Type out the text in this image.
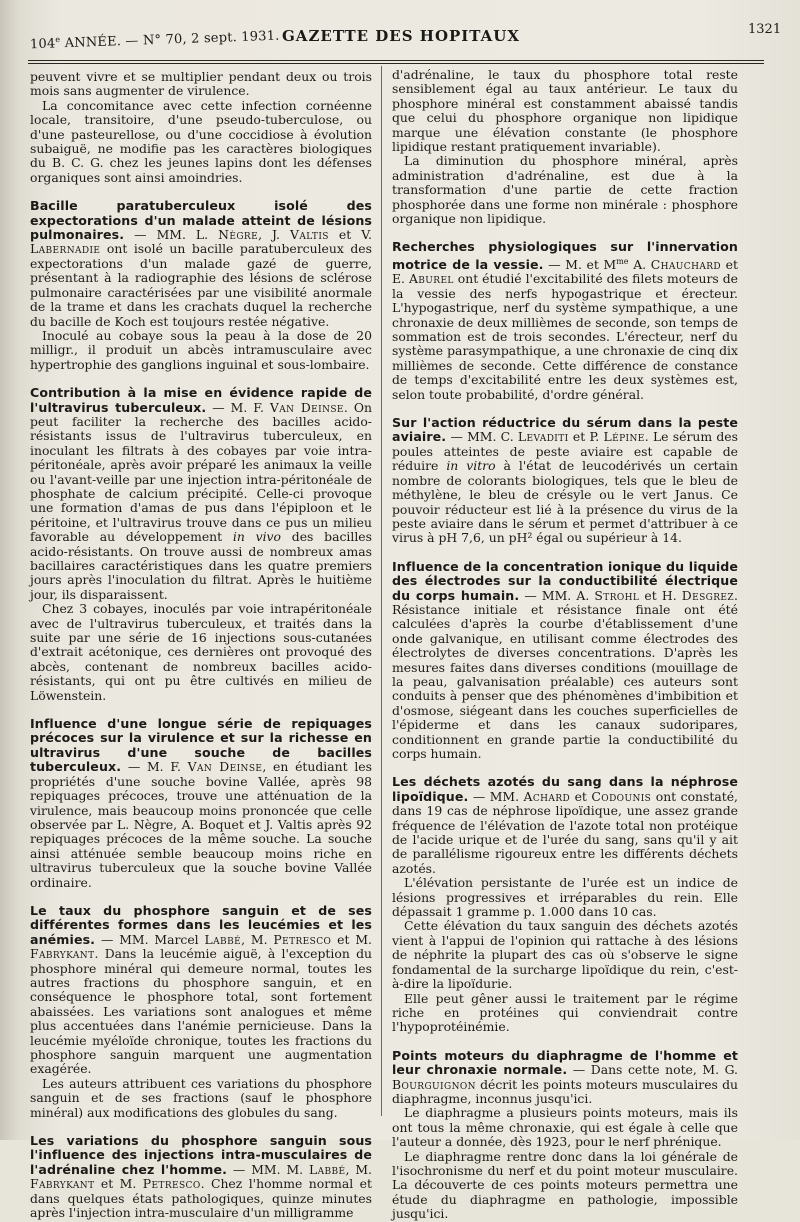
104e ANNÉE. — N° 70, 2 sept. 1931. GAZETTE DES HOPITAUX	1321

peuvent vivre et se multiplier pendant deux ou trois mois sans augmenter de virulence.

La concomitance avec cette infection cornéenne locale, transitoire, d'une pseudo-tuberculose, ou d'une pasteurellose, ou d'une coccidiose à évolution subaiguë, ne modifie pas les caractères biologiques du B. C. G. chez les jeunes lapins dont les défenses organiques sont ainsi amoindries.

Bacille paratuberculeux isolé des expectorations d'un malade atteint de lésions pulmonaires. — MM. L. Nègre, J. Valtis et V. Labernadie ont isolé un bacille paratuberculeux des expectorations d'un malade gazé de guerre, présentant à la radiographie des lésions de sclérose pulmonaire caractérisées par une visibilité anormale de la trame et dans les crachats duquel la recherche du bacille de Koch est toujours restée négative.

Inoculé au cobaye sous la peau à la dose de 20 milligr., il produit un abcès intramusculaire avec hypertrophie des ganglions inguinal et sous-lombaire.

Contribution à la mise en évidence rapide de l'ultravirus tuberculeux. — M. F. Van Deinse. On peut faciliter la recherche des bacilles acido-résistants issus de l'ultravirus tuberculeux, en inoculant les filtrats à des cobayes par voie intra-péritonéale, après avoir préparé les animaux la veille ou l'avant-veille par une injection intra-péritonéale de phosphate de calcium précipité. Celle-ci provoque une formation d'amas de pus dans l'épiploon et le péritoine, et l'ultravirus trouve dans ce pus un milieu favorable au développement in vivo des bacilles acido-résistants. On trouve aussi de nombreux amas bacillaires caractéristiques dans les quatre premiers jours après l'inoculation du filtrat. Après le huitième jour, ils disparaissent.

Chez 3 cobayes, inoculés par voie intrapéritonéale avec de l'ultravirus tuberculeux, et traités dans la suite par une série de 16 injections sous-cutanées d'extrait acétonique, ces dernières ont provoqué des abcès, contenant de nombreux bacilles acido-résistants, qui ont pu être cultivés en milieu de Löwenstein.

Influence d'une longue série de repiquages précoces sur la virulence et sur la richesse en ultravirus d'une souche de bacilles tuberculeux. — M. F. Van Deinse, en étudiant les propriétés d'une souche bovine Vallée, après 98 repiquages précoces, trouve une atténuation de la virulence, mais beaucoup moins prononcée que celle observée par L. Nègre, A. Boquet et J. Valtis après 92 repiquages précoces de la même souche. La souche ainsi atténuée semble beaucoup moins riche en ultravirus tuberculeux que la souche bovine Vallée ordinaire.

Le taux du phosphore sanguin et de ses différentes formes dans les leucémies et les anémies. — MM. Marcel Labbé, M. Petresco et M. Fabrykant. Dans la leucémie aiguë, à l'exception du phosphore minéral qui demeure normal, toutes les autres fractions du phosphore sanguin, et en conséquence le phosphore total, sont fortement abaissées. Les variations sont analogues et même plus accentuées dans l'anémie pernicieuse. Dans la leucémie myéloïde chronique, toutes les fractions du phosphore sanguin marquent une augmentation exagérée.

Les auteurs attribuent ces variations du phosphore sanguin et de ses fractions (sauf le phosphore minéral) aux modifications des globules du sang.

Les variations du phosphore sanguin sous l'influence des injections intra-musculaires de l'adrénaline chez l'homme. — MM. M. Labbé, M. Fabrykant et M. Petresco. Chez l'homme normal et dans quelques états pathologiques, quinze minutes après l'injection intra-musculaire d'un milligramme

d'adrénaline, le taux du phosphore total reste sensiblement égal au taux antérieur. Le taux du phosphore minéral est constamment abaissé tandis que celui du phosphore organique non lipidique marque une élévation constante (le phosphore lipidique restant pratiquement invariable).

La diminution du phosphore minéral, après administration d'adrénaline, est due à la transformation d'une partie de cette fraction phosphorée dans une forme non minérale : phosphore organique non lipidique.

Recherches physiologiques sur l'innervation motrice de la vessie. — M. et $M^{me}$ A. Chauchard et E. Aburel ont étudié l'excitabilité des filets moteurs de la vessie des nerfs hypogastrique et érecteur. L'hypogastrique, nerf du système sympathique, a une chronaxie de deux millièmes de seconde, son temps de sommation est de trois secondes. L'érecteur, nerf du système parasympathique, a une chronaxie de cinq dix millièmes de seconde. Cette différence de constance de temps d'excitabilité entre les deux systèmes est, selon toute probabilité, d'ordre général.

Sur l'action réductrice du sérum dans la peste aviaire. — MM. C. Levaditi et P. Lépine. Le sérum des poules atteintes de peste aviaire est capable de réduire in vitro à l'état de leucodérivés un certain nombre de colorants biologiques, tels que le bleu de méthylène, le bleu de crésyle ou le vert Janus. Ce pouvoir réducteur est lié à la présence du virus de la peste aviaire dans le sérum et permet d'attribuer à ce virus à pH 7,6, un pH² égal ou supérieur à 14.

Influence de la concentration ionique du liquide des électrodes sur la conductibilité électrique du corps humain. — MM. A. Strohl et H. Desgrez. Résistance initiale et résistance finale ont été calculées d'après la courbe d'établissement d'une onde galvanique, en utilisant comme électrodes des électrolytes de diverses concentrations. D'après les mesures faites dans diverses conditions (mouillage de la peau, galvanisation préalable) ces auteurs sont conduits à penser que des phénomènes d'imbibition et d'osmose, siégeant dans les couches superficielles de l'épiderme et dans les canaux sudoripares, conditionnent en grande partie la conductibilité du corps humain.

Les déchets azotés du sang dans la néphrose lipoïdique. — MM. Achard et Codounis ont constaté, dans 19 cas de néphrose lipoïdique, une assez grande fréquence de l'élévation de l'azote total non protéique de l'acide urique et de l'urée du sang, sans qu'il y ait de parallélisme rigoureux entre les différents déchets azotés.

L'élévation persistante de l'urée est un indice de lésions progressives et irréparables du rein. Elle dépassait 1 gramme p. 1.000 dans 10 cas.

Cette élévation du taux sanguin des déchets azotés vient à l'appui de l'opinion qui rattache à des lésions de néphrite la plupart des cas où s'observe le signe fondamental de la surcharge lipoïdique du rein, c'est-à-dire la lipoïdurie.

Elle peut gêner aussi le traitement par le régime riche en protéines qui conviendrait contre l'hypoprotéinémie.

Points moteurs du diaphragme de l'homme et leur chronaxie normale. — Dans cette note, M. G. Bourguignon décrit les points moteurs musculaires du diaphragme, inconnus jusqu'ici.

Le diaphragme a plusieurs points moteurs, mais ils ont tous la même chronaxie, qui est égale à celle que l'auteur a donnée, dès 1923, pour le nerf phrénique.

Le diaphragme rentre donc dans la loi générale de l'isochronisme du nerf et du point moteur musculaire. La découverte de ces points moteurs permettra une étude du diaphragme en pathologie, impossible jusqu'ici.
